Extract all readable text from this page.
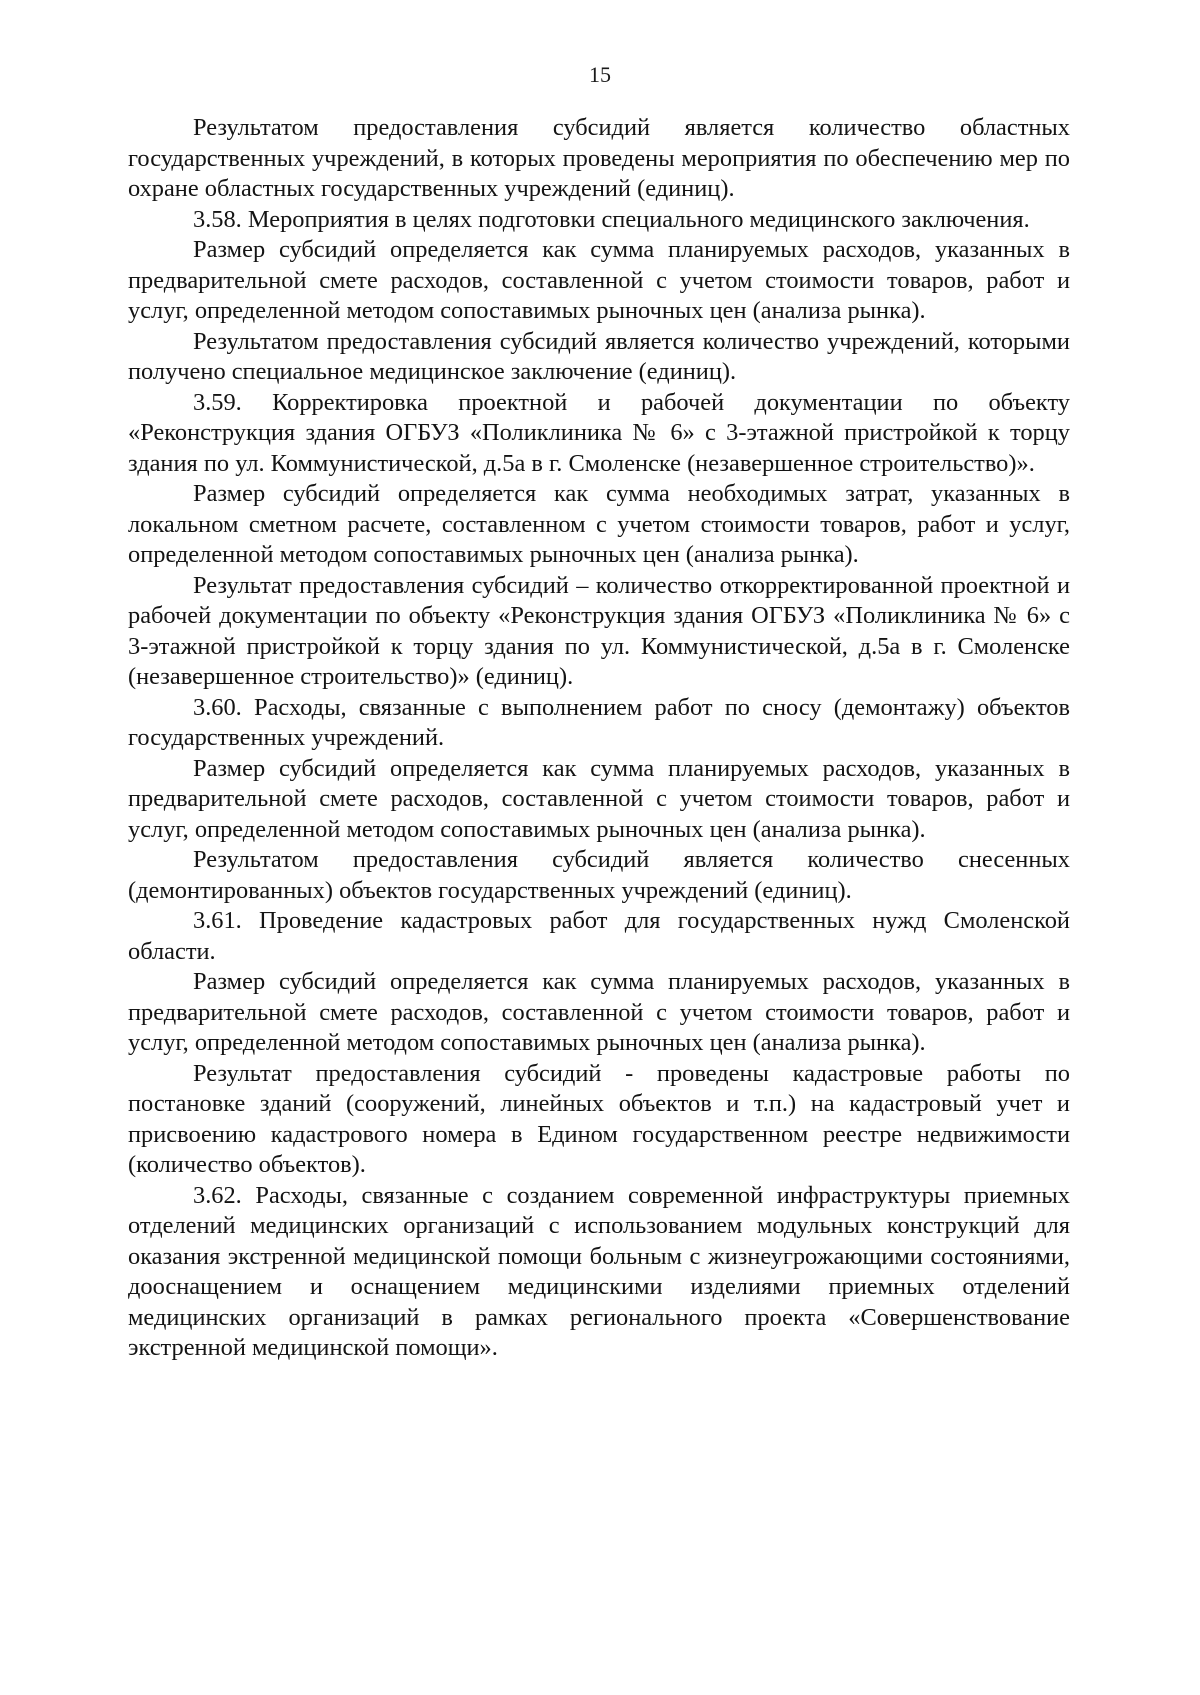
15

Результатом предоставления субсидий является количество областных государственных учреждений, в которых проведены мероприятия по обеспечению мер по охране областных государственных учреждений (единиц).

3.58. Мероприятия в целях подготовки специального медицинского заключения.

Размер субсидий определяется как сумма планируемых расходов, указанных в предварительной смете расходов, составленной с учетом стоимости товаров, работ и услуг, определенной методом сопоставимых рыночных цен (анализа рынка).

Результатом предоставления субсидий является количество учреждений, которыми получено специальное медицинское заключение (единиц).

3.59. Корректировка проектной и рабочей документации по объекту «Реконструкция здания ОГБУЗ «Поликлиника № 6» с 3-этажной пристройкой к торцу здания по ул. Коммунистической, д.5а в г. Смоленске (незавершенное строительство)».

Размер субсидий определяется как сумма необходимых затрат, указанных в локальном сметном расчете, составленном с учетом стоимости товаров, работ и услуг, определенной методом сопоставимых рыночных цен (анализа рынка).

Результат предоставления субсидий – количество откорректированной проектной и рабочей документации по объекту «Реконструкция здания ОГБУЗ «Поликлиника № 6» с 3-этажной пристройкой к торцу здания по ул. Коммунистической, д.5а в г. Смоленске (незавершенное строительство)» (единиц).

3.60. Расходы, связанные с выполнением работ по сносу (демонтажу) объектов государственных учреждений.

Размер субсидий определяется как сумма планируемых расходов, указанных в предварительной смете расходов, составленной с учетом стоимости товаров, работ и услуг, определенной методом сопоставимых рыночных цен (анализа рынка).

Результатом предоставления субсидий является количество снесенных (демонтированных) объектов государственных учреждений (единиц).

3.61. Проведение кадастровых работ для государственных нужд Смоленской области.

Размер субсидий определяется как сумма планируемых расходов, указанных в предварительной смете расходов, составленной с учетом стоимости товаров, работ и услуг, определенной методом сопоставимых рыночных цен (анализа рынка).

Результат предоставления субсидий - проведены кадастровые работы по постановке зданий (сооружений, линейных объектов и т.п.) на кадастровый учет и присвоению кадастрового номера в Едином государственном реестре недвижимости (количество объектов).

3.62. Расходы, связанные с созданием современной инфраструктуры приемных отделений медицинских организаций с использованием модульных конструкций для оказания экстренной медицинской помощи больным с жизнеугрожающими состояниями, дооснащением и оснащением медицинскими изделиями приемных отделений медицинских организаций в рамках регионального проекта «Совершенствование экстренной медицинской помощи».
